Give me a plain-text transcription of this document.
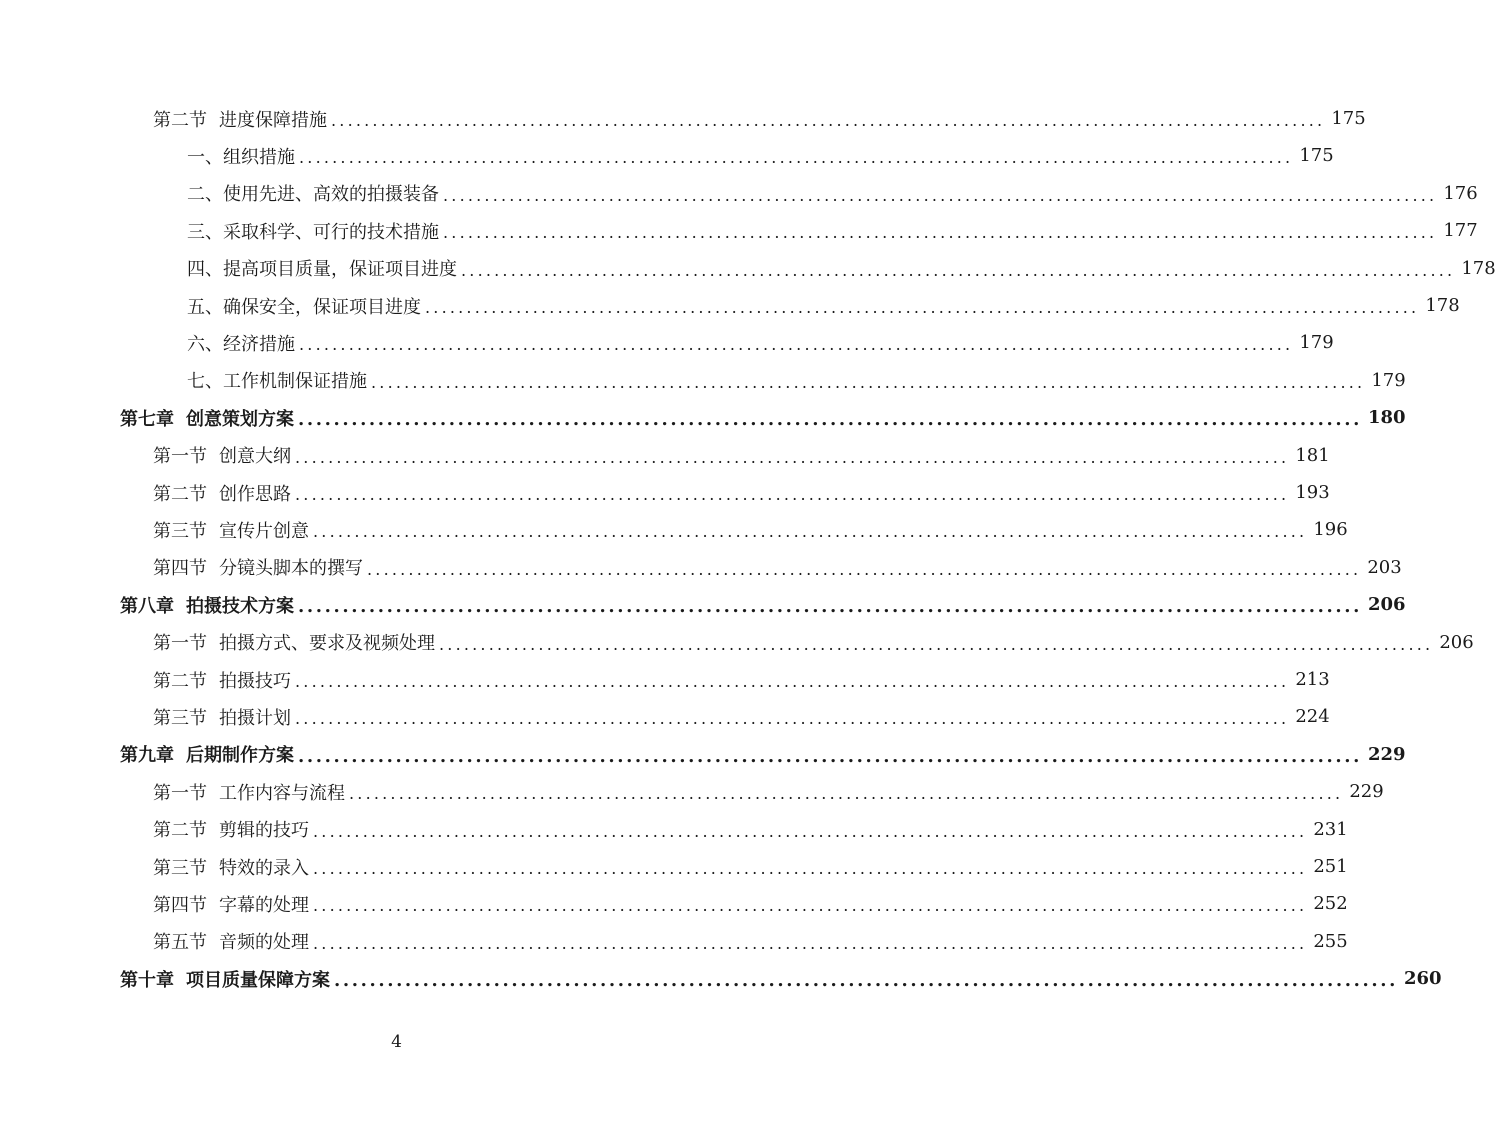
第二节 进度保障措施 ........................................................................................................................ 175
一、组织措施 ........................................................................................................................ 175
二、使用先进、高效的拍摄装备 ........................................................................................................................ 176
三、采取科学、可行的技术措施 ........................................................................................................................ 177
四、提高项目质量，保证项目进度 ........................................................................................................................ 178
五、确保安全，保证项目进度 ........................................................................................................................ 178
六、经济措施 ........................................................................................................................ 179
七、工作机制保证措施 ........................................................................................................................ 179
第七章 创意策划方案 ........................................................................................................................ 180
第一节 创意大纲 ........................................................................................................................ 181
第二节 创作思路 ........................................................................................................................ 193
第三节 宣传片创意 ........................................................................................................................ 196
第四节 分镜头脚本的撰写 ........................................................................................................................ 203
第八章 拍摄技术方案 ........................................................................................................................ 206
第一节 拍摄方式、要求及视频处理 ........................................................................................................................ 206
第二节 拍摄技巧 ........................................................................................................................ 213
第三节 拍摄计划 ........................................................................................................................ 224
第九章 后期制作方案 ........................................................................................................................ 229
第一节 工作内容与流程 ........................................................................................................................ 229
第二节 剪辑的技巧 ........................................................................................................................ 231
第三节 特效的录入 ........................................................................................................................ 251
第四节 字幕的处理 ........................................................................................................................ 252
第五节 音频的处理 ........................................................................................................................ 255
第十章 项目质量保障方案 ........................................................................................................................ 260
4
